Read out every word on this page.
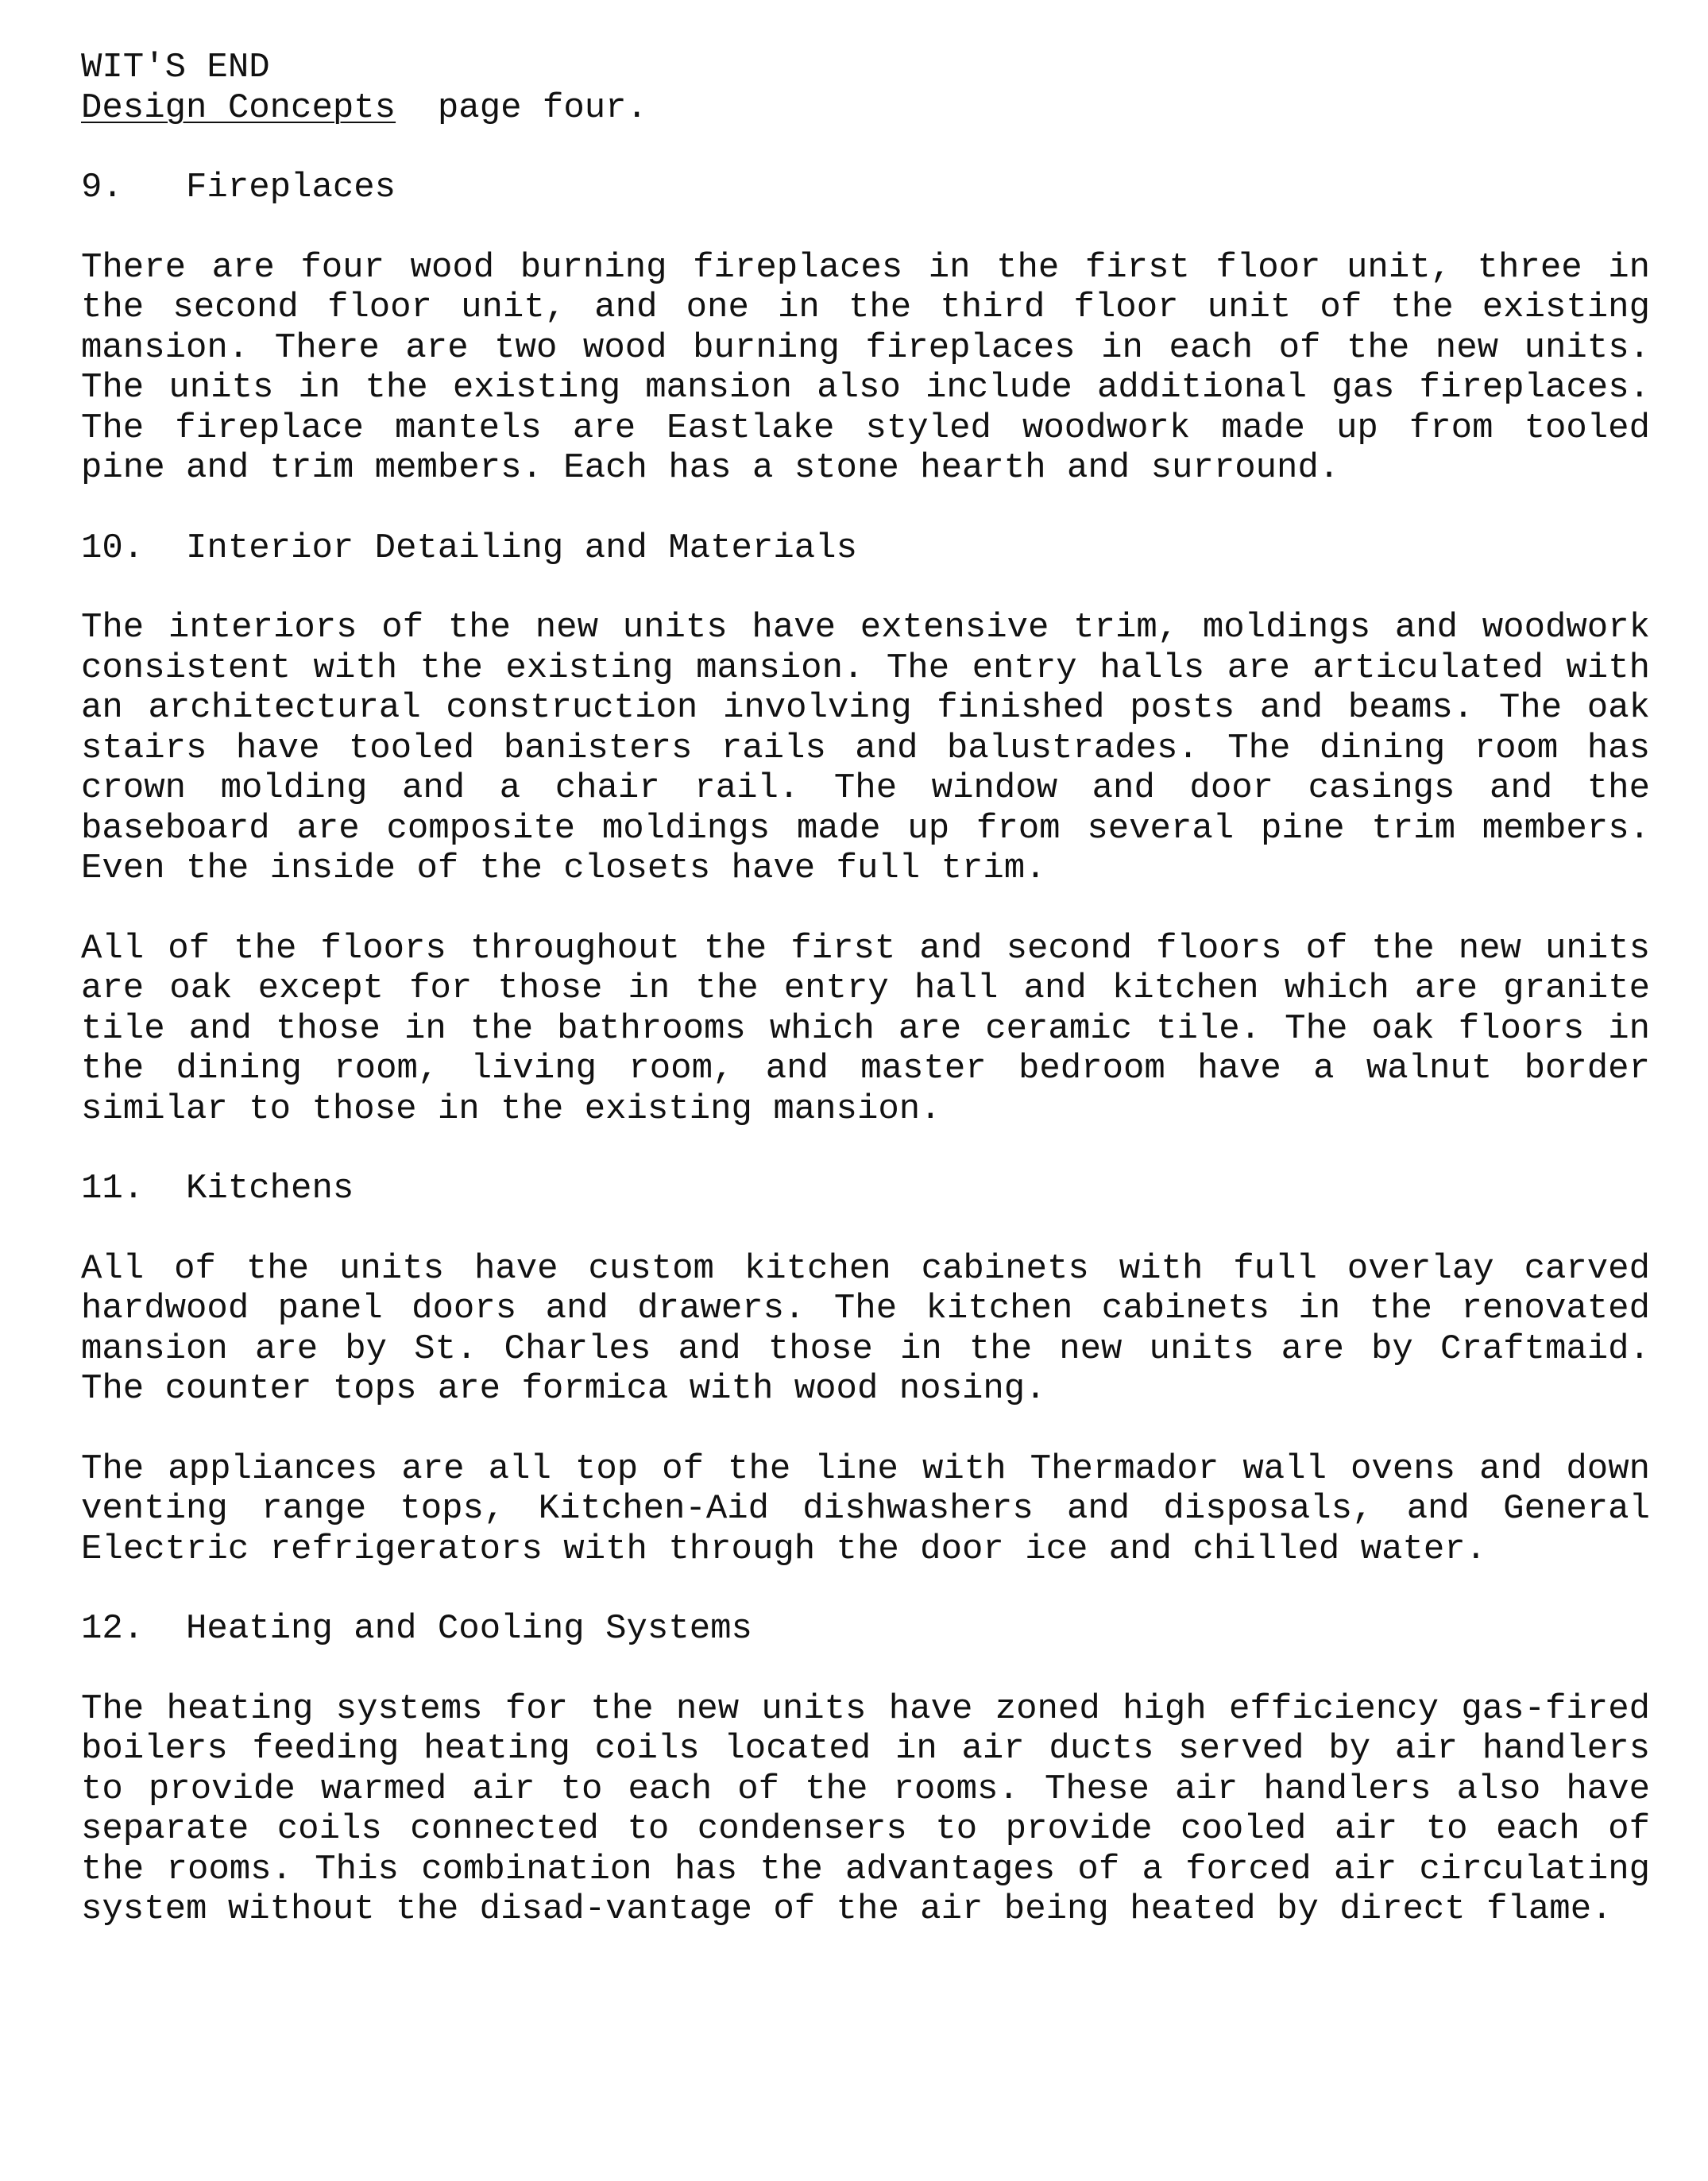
WIT'S END
Design Concepts page four.
9. Fireplaces

There are four wood burning fireplaces in the first floor unit, three in the second floor unit, and one in the third floor unit of the existing mansion. There are two wood burning fireplaces in each of the new units. The units in the existing mansion also include additional gas fireplaces. The fireplace mantels are Eastlake styled woodwork made up from tooled pine and trim members. Each has a stone hearth and surround.

10. Interior Detailing and Materials

The interiors of the new units have extensive trim, moldings and woodwork consistent with the existing mansion. The entry halls are articulated with an architectural construction involving finished posts and beams. The oak stairs have tooled banisters rails and balustrades. The dining room has crown molding and a chair rail. The window and door casings and the baseboard are composite moldings made up from several pine trim members. Even the inside of the closets have full trim.

All of the floors throughout the first and second floors of the new units are oak except for those in the entry hall and kitchen which are granite tile and those in the bathrooms which are ceramic tile. The oak floors in the dining room, living room, and master bedroom have a walnut border similar to those in the existing mansion.

11. Kitchens

All of the units have custom kitchen cabinets with full overlay carved hardwood panel doors and drawers. The kitchen cabinets in the renovated mansion are by St. Charles and those in the new units are by Craftmaid. The counter tops are formica with wood nosing.

The appliances are all top of the line with Thermador wall ovens and down venting range tops, Kitchen-Aid dishwashers and disposals, and General Electric refrigerators with through the door ice and chilled water.

12. Heating and Cooling Systems

The heating systems for the new units have zoned high efficiency gas-fired boilers feeding heating coils located in air ducts served by air handlers to provide warmed air to each of the rooms. These air handlers also have separate coils connected to condensers to provide cooled air to each of the rooms. This combination has the advantages of a forced air circulating system without the disad-vantage of the air being heated by direct flame.
